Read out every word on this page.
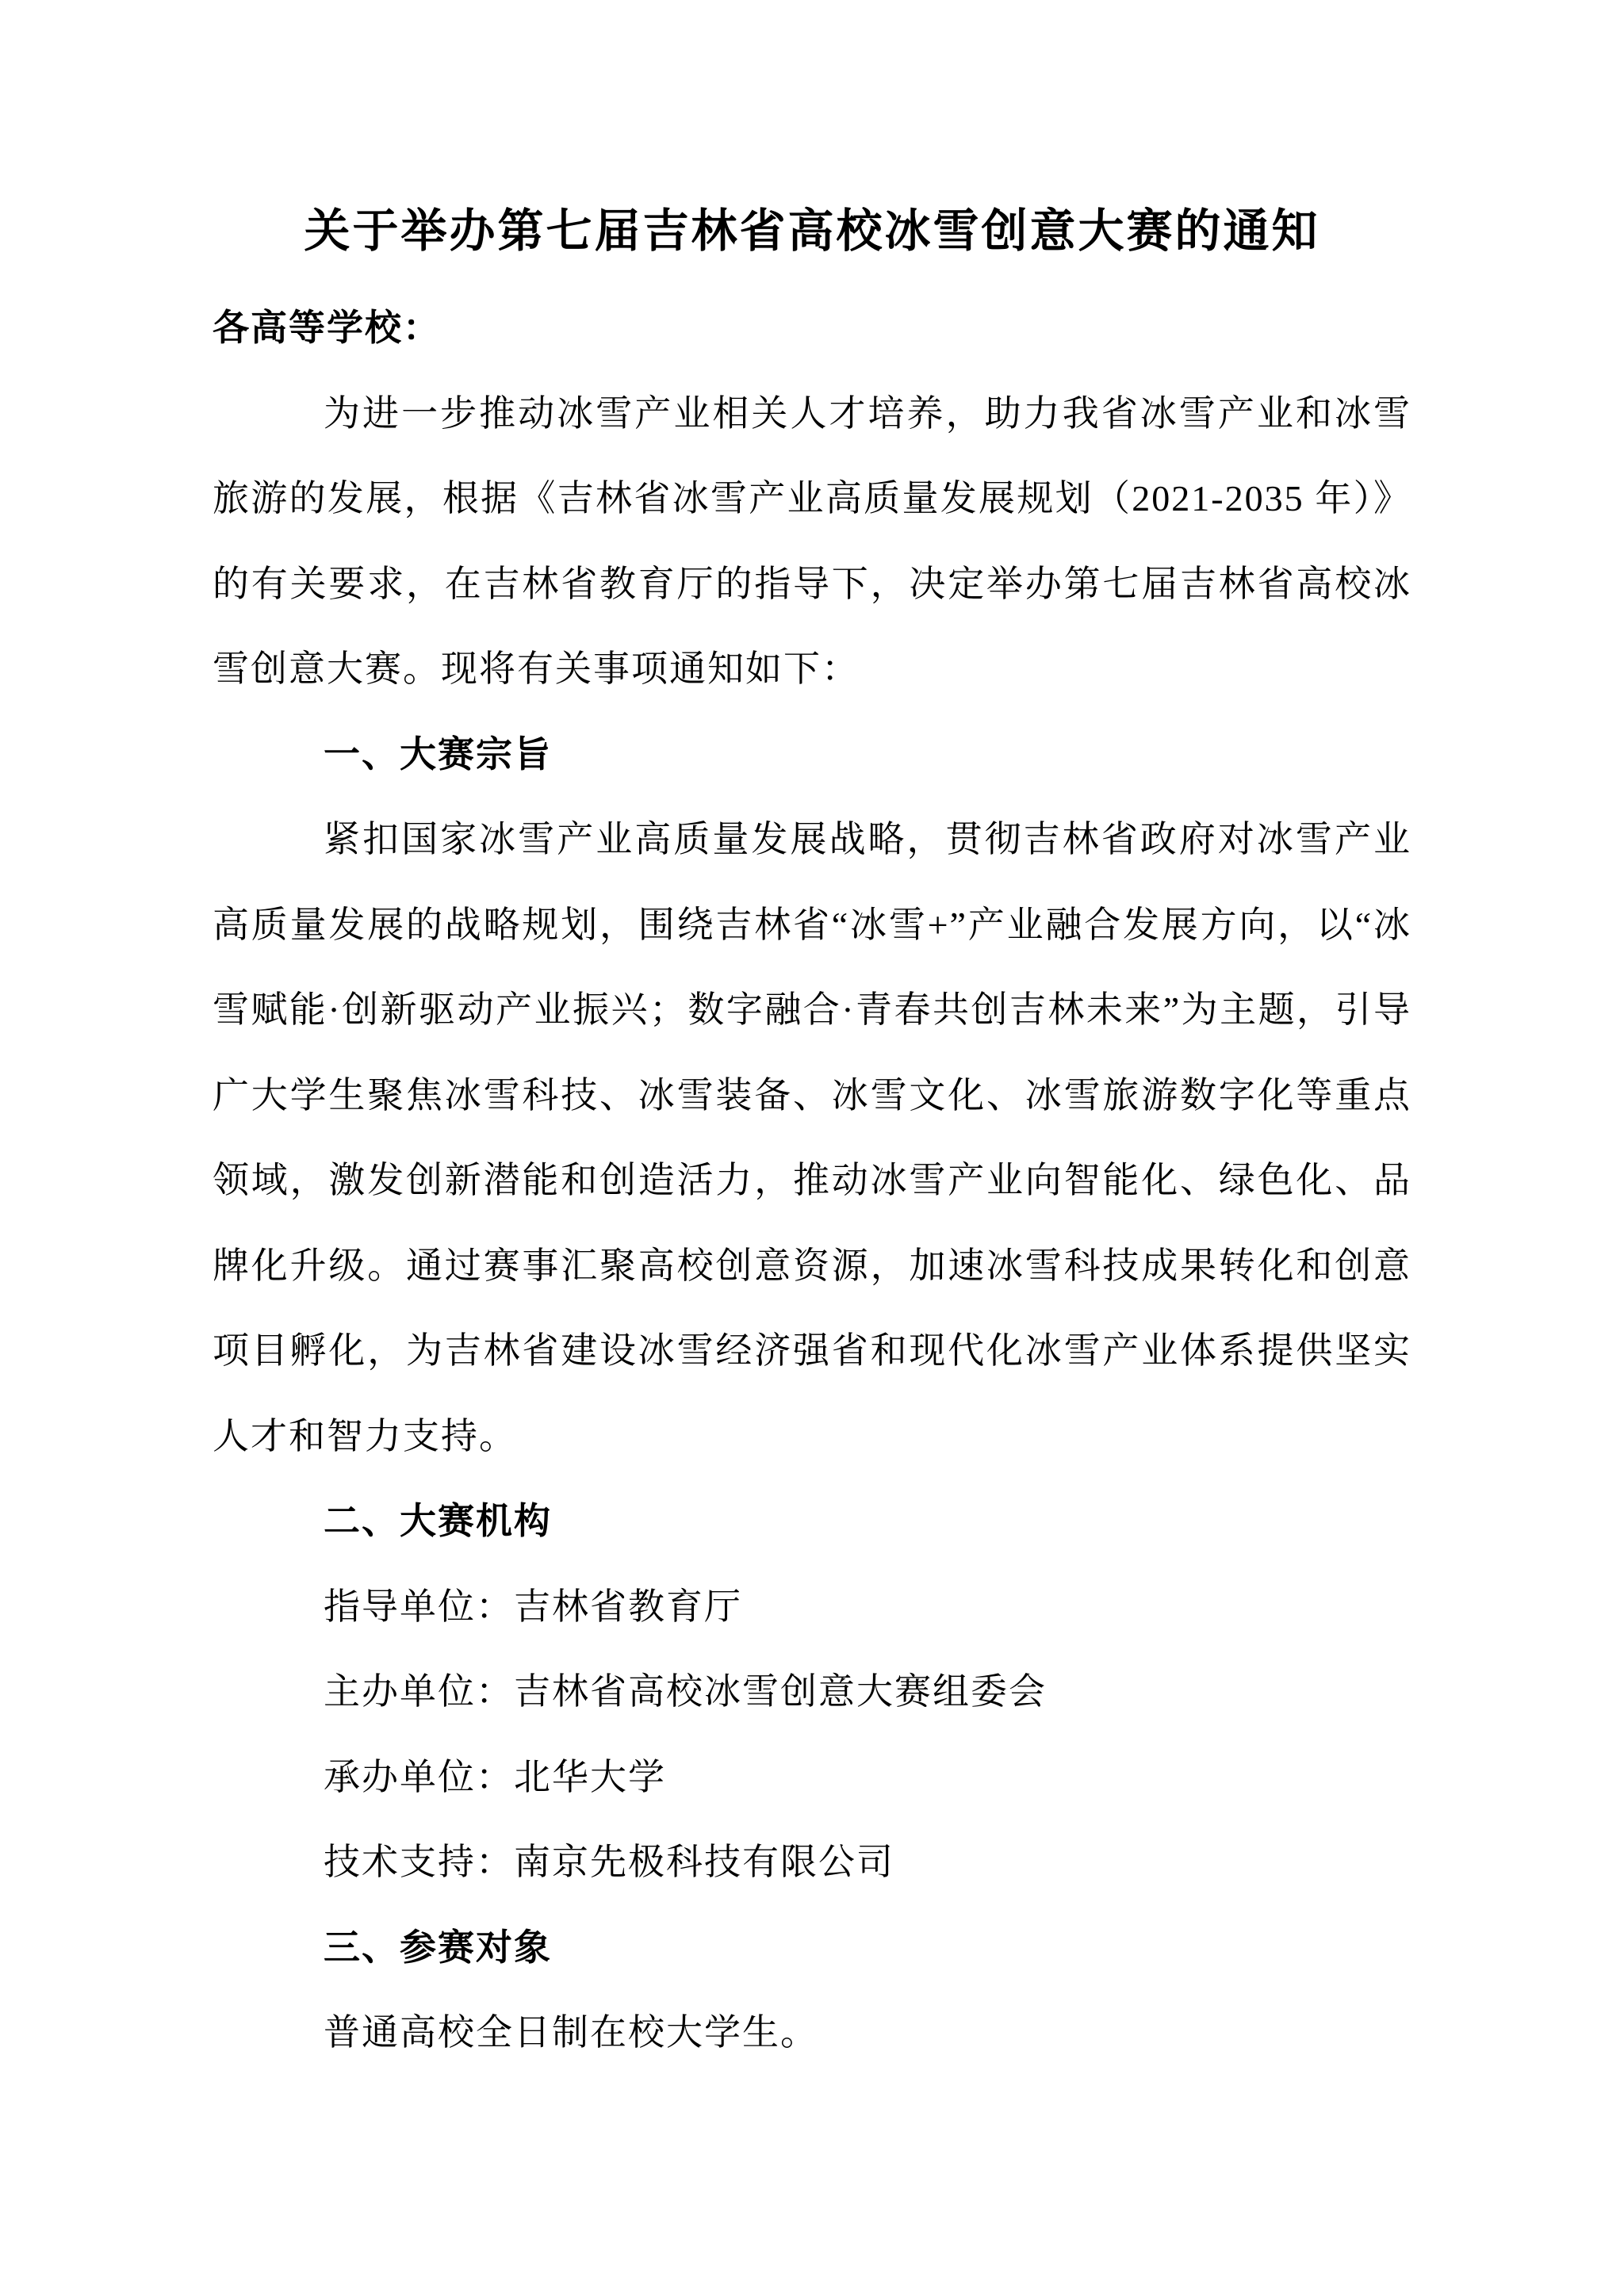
关于举办第七届吉林省高校冰雪创意大赛的通知

各高等学校：

为进一步推动冰雪产业相关人才培养，助力我省冰雪产业和冰雪旅游的发展，根据《吉林省冰雪产业高质量发展规划（2021-2035 年）》的有关要求，在吉林省教育厅的指导下，决定举办第七届吉林省高校冰雪创意大赛。现将有关事项通知如下：

一、大赛宗旨

紧扣国家冰雪产业高质量发展战略，贯彻吉林省政府对冰雪产业高质量发展的战略规划，围绕吉林省“冰雪+”产业融合发展方向，以“冰雪赋能·创新驱动产业振兴；数字融合·青春共创吉林未来”为主题，引导广大学生聚焦冰雪科技、冰雪装备、冰雪文化、冰雪旅游数字化等重点领域，激发创新潜能和创造活力，推动冰雪产业向智能化、绿色化、品牌化升级。通过赛事汇聚高校创意资源，加速冰雪科技成果转化和创意项目孵化，为吉林省建设冰雪经济强省和现代化冰雪产业体系提供坚实人才和智力支持。

二、大赛机构

指导单位：吉林省教育厅

主办单位：吉林省高校冰雪创意大赛组委会

承办单位：北华大学

技术支持：南京先极科技有限公司

三、参赛对象

普通高校全日制在校大学生。
